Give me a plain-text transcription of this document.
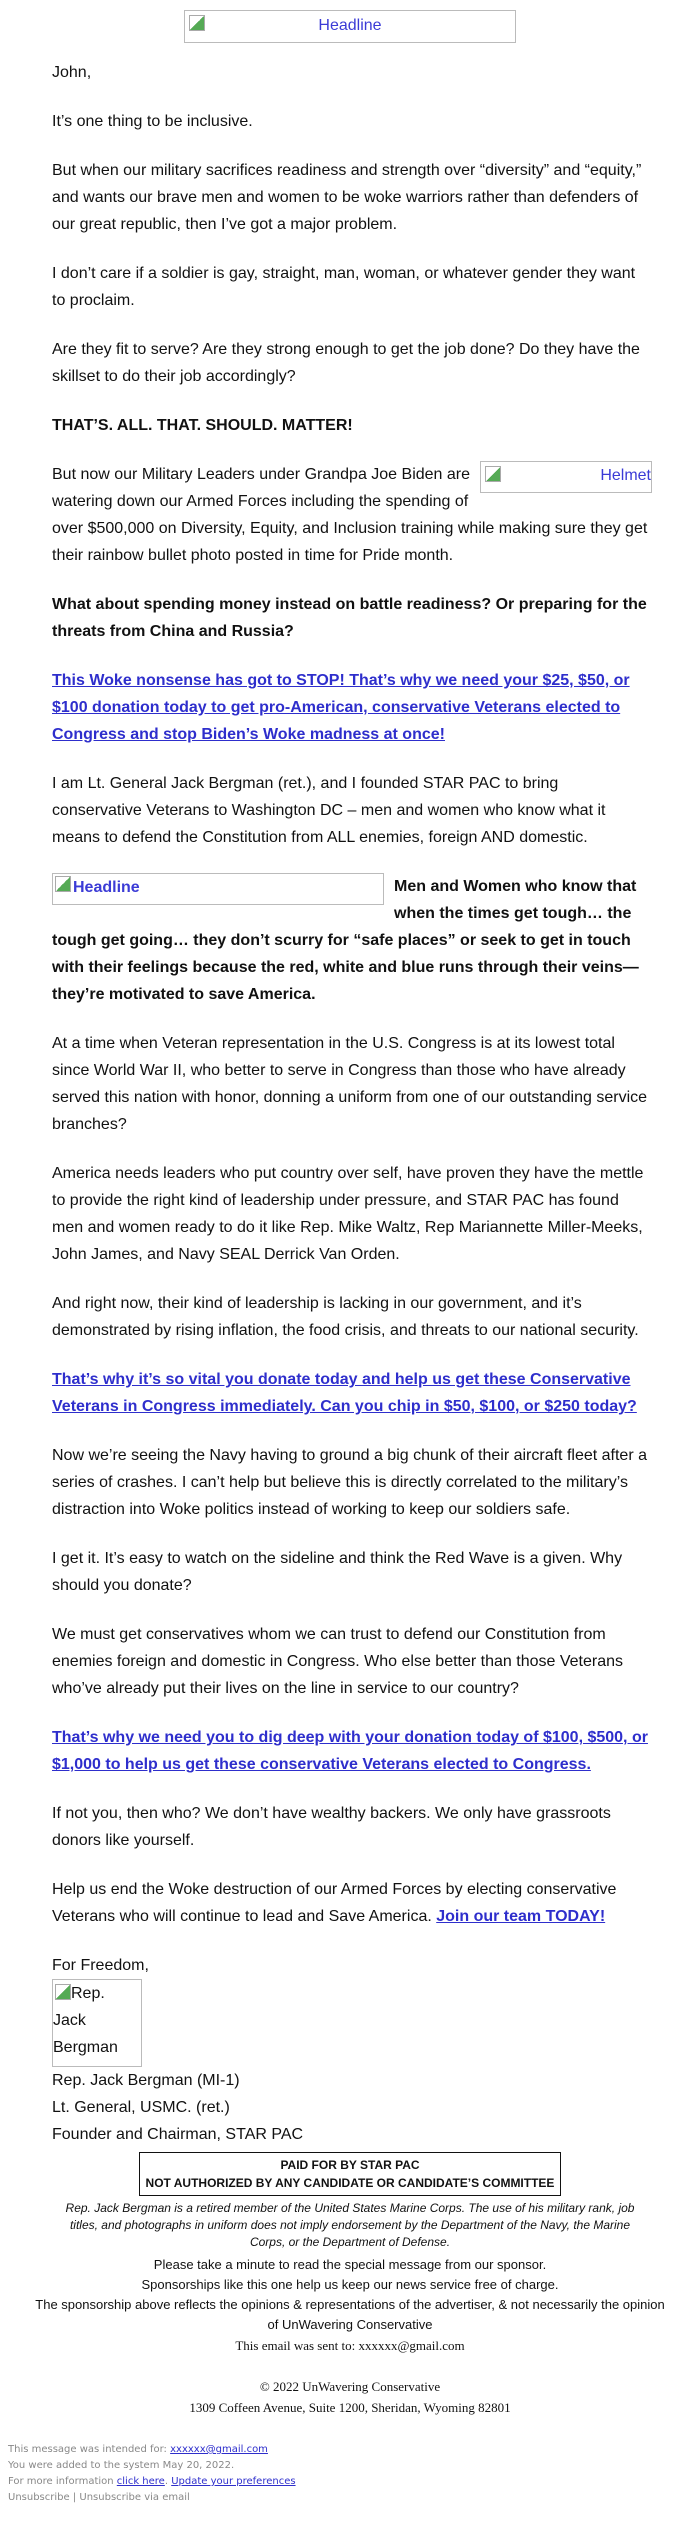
Headline

John,

It’s one thing to be inclusive.

But when our military sacrifices readiness and strength over “diversity” and “equity,” and wants our brave men and women to be woke warriors rather than defenders of our great republic, then I’ve got a major problem.

I don’t care if a soldier is gay, straight, man, woman, or whatever gender they want to proclaim.

Are they fit to serve? Are they strong enough to get the job done? Do they have the skillset to do their job accordingly?

THAT’S. ALL. THAT. SHOULD. MATTER!

Helmet
But now our Military Leaders under Grandpa Joe Biden are watering down our Armed Forces including the spending of over $500,000 on Diversity, Equity, and Inclusion training while making sure they get their rainbow bullet photo posted in time for Pride month.

What about spending money instead on battle readiness? Or preparing for the threats from China and Russia?

This Woke nonsense has got to STOP! That’s why we need your $25, $50, or $100 donation today to get pro-American, conservative Veterans elected to Congress and stop Biden’s Woke madness at once!

I am Lt. General Jack Bergman (ret.), and I founded STAR PAC to bring conservative Veterans to Washington DC – men and women who know what it means to defend the Constitution from ALL enemies, foreign AND domestic.

Headline	Men and Women who know that when the times get tough… the tough get going… they don’t scurry for “safe places” or seek to get in touch with their feelings because the red, white and blue runs through their veins—they’re motivated to save America.

At a time when Veteran representation in the U.S. Congress is at its lowest total since World War II, who better to serve in Congress than those who have already served this nation with honor, donning a uniform from one of our outstanding service branches?

America needs leaders who put country over self, have proven they have the mettle to provide the right kind of leadership under pressure, and STAR PAC has found men and women ready to do it like Rep. Mike Waltz, Rep Mariannette Miller-Meeks, John James, and Navy SEAL Derrick Van Orden.

And right now, their kind of leadership is lacking in our government, and it’s demonstrated by rising inflation, the food crisis, and threats to our national security.

That’s why it’s so vital you donate today and help us get these Conservative Veterans in Congress immediately. Can you chip in $50, $100, or $250 today?

Now we’re seeing the Navy having to ground a big chunk of their aircraft fleet after a series of crashes. I can’t help but believe this is directly correlated to the military’s distraction into Woke politics instead of working to keep our soldiers safe.

I get it. It’s easy to watch on the sideline and think the Red Wave is a given. Why should you donate?

We must get conservatives whom we can trust to defend our Constitution from enemies foreign and domestic in Congress. Who else better than those Veterans who’ve already put their lives on the line in service to our country?

That’s why we need you to dig deep with your donation today of $100, $500, or $1,000 to help us get these conservative Veterans elected to Congress.

If not you, then who? We don’t have wealthy backers. We only have grassroots donors like yourself.

Help us end the Woke destruction of our Armed Forces by electing conservative Veterans who will continue to lead and Save America. Join our team TODAY!

For Freedom,
Rep. Jack Bergman
Rep. Jack Bergman (MI-1)
Lt. General, USMC. (ret.)
Founder and Chairman, STAR PAC
PAID FOR BY STAR PAC
NOT AUTHORIZED BY ANY CANDIDATE OR CANDIDATE’S COMMITTEE
Rep. Jack Bergman is a retired member of the United States Marine Corps. The use of his military rank, job titles, and photographs in uniform does not imply endorsement by the Department of the Navy, the Marine Corps, or the Department of Defense.
Please take a minute to read the special message from our sponsor.
Sponsorships like this one help us keep our news service free of charge.
The sponsorship above reflects the opinions & representations of the advertiser, & not necessarily the opinion of UnWavering Conservative
This email was sent to: xxxxxx@gmail.com
© 2022 UnWavering Conservative
1309 Coffeen Avenue, Suite 1200, Sheridan, Wyoming 82801
This message was intended for: xxxxxx@gmail.com
You were added to the system May 20, 2022.
For more information click here. Update your preferences
Unsubscribe | Unsubscribe via email
